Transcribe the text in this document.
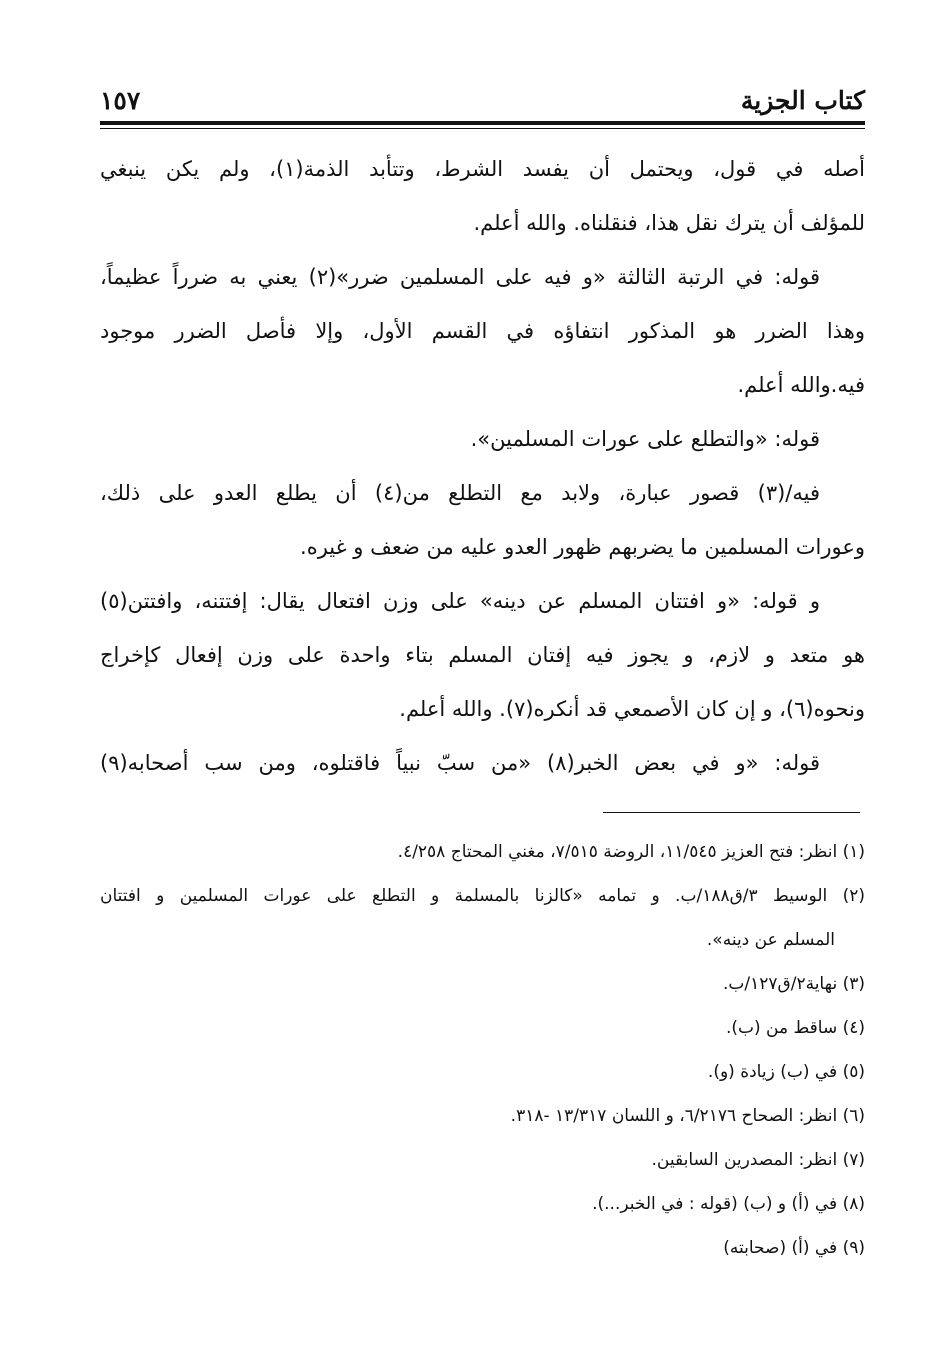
كتاب الجزية
١٥٧
أصله في قول، ويحتمل أن يفسد الشرط، وتتأبد الذمة(١)، ولم يكن ينبغي
للمؤلف أن يترك نقل هذا، فنقلناه. والله أعلم.
قوله: في الرتبة الثالثة «و فيه على المسلمين ضرر»(٢) يعني به ضرراً عظيماً،
وهذا الضرر هو المذكور انتفاؤه في القسم الأول، وإلا فأصل الضرر موجود
فيه.والله أعلم.
قوله: «والتطلع على عورات المسلمين».
فيه/(٣) قصور عبارة، ولابد مع التطلع من(٤) أن يطلع العدو على ذلك،
وعورات المسلمين ما يضربهم ظهور العدو عليه من ضعف و غيره.
و قوله: «و افتتان المسلم عن دينه» على وزن افتعال يقال: إفتتنه، وافتتن(٥)
هو متعد و لازم، و يجوز فيه إفتان المسلم بتاء واحدة على وزن إفعال كإخراج
ونحوه(٦)، و إن كان الأصمعي قد أنكره(٧). والله أعلم.
قوله: «و في بعض الخبر(٨) «من سبّ نبياً فاقتلوه، ومن سب أصحابه(٩)
(١) انظر: فتح العزيز ١١/٥٤٥، الروضة ٧/٥١٥، مغني المحتاج ٤/٢٥٨.
(٢) الوسيط ٣/ق١٨٨/ب. و تمامه «كالزنا بالمسلمة و التطلع على عورات المسلمين و افتتان
المسلم عن دينه».
(٣) نهاية٢/ق١٢٧/ب.
(٤) ساقط من (ب).
(٥) في (ب) زيادة (و).
(٦) انظر: الصحاح ٦/٢١٧٦، و اللسان ١٣/٣١٧ -٣١٨.
(٧) انظر: المصدرين السابقين.
(٨) في (أ) و (ب) (قوله : في الخبر...).
(٩) في (أ) (صحابته)
